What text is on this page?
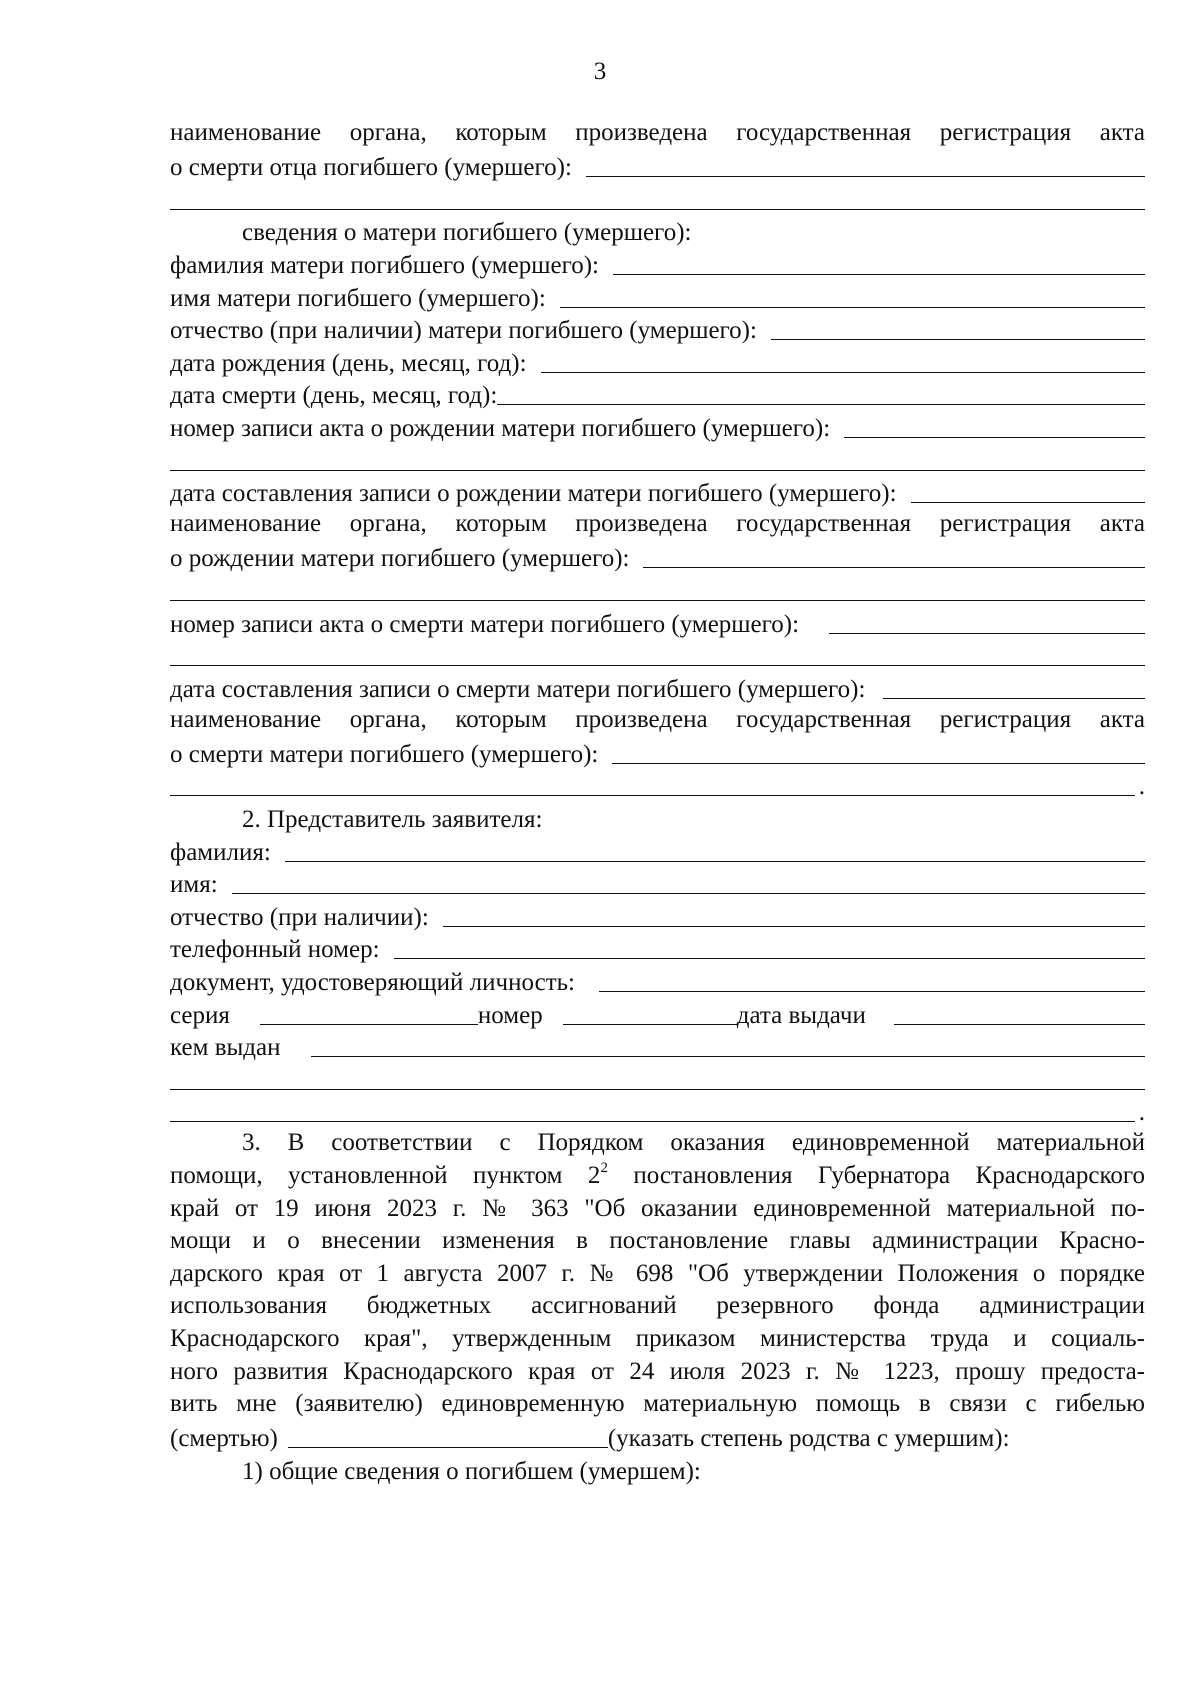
3
наименование органа, которым произведена государственная регистрация акта
о смерти отца погибшего (умершего):
сведения о матери погибшего (умершего):
фамилия матери погибшего (умершего):
имя матери погибшего (умершего):
отчество (при наличии) матери погибшего (умершего):
дата рождения (день, месяц, год):
дата смерти (день, месяц, год):
номер записи акта о рождении матери погибшего (умершего):
дата составления записи о рождении матери погибшего (умершего):
наименование органа, которым произведена государственная регистрация акта
о рождении матери погибшего (умершего):
номер записи акта о смерти матери погибшего (умершего):
дата составления записи о смерти матери погибшего (умершего):
наименование органа, которым произведена государственная регистрация акта
о смерти матери погибшего (умершего):
.
2. Представитель заявителя:
фамилия:
имя:
отчество (при наличии):
телефонный номер:
документ, удостоверяющий личность:
серия	номер	дата выдачи
кем выдан
.
3. В соответствии с Порядком оказания единовременной материальной
помощи, установленной пунктом $2^2$ постановления Губернатора Краснодарского
край от 19 июня 2023 г. № 363 "Об оказании единовременной материальной по-
мощи и о внесении изменения в постановление главы администрации Красно-
дарского края от 1 августа 2007 г. № 698 "Об утверждении Положения о порядке
использования бюджетных ассигнований резервного фонда администрации
Краснодарского края", утвержденным приказом министерства труда и социаль-
ного развития Краснодарского края от 24 июля 2023 г. № 1223, прошу предоста-
вить мне (заявителю) единовременную материальную помощь в связи с гибелью
(смертью)	(указать степень родства с умершим):
1) общие сведения о погибшем (умершем):
